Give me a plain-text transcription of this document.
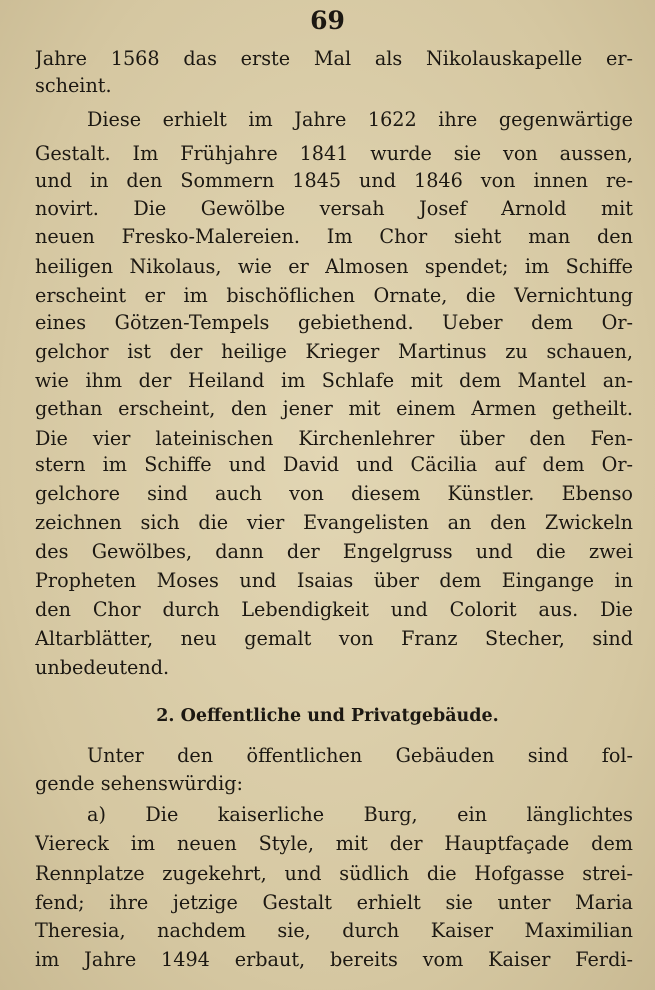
69
Jahre 1568 das erste Mal als Nikolauskapelle er-
scheint.
Diese erhielt im Jahre 1622 ihre gegenwärtige
Gestalt. Im Frühjahre 1841 wurde sie von aussen,
und in den Sommern 1845 und 1846 von innen re-
novirt. Die Gewölbe versah Josef Arnold mit
neuen Fresko-Malereien. Im Chor sieht man den
heiligen Nikolaus, wie er Almosen spendet; im Schiffe
erscheint er im bischöflichen Ornate, die Vernichtung
eines Götzen-Tempels gebiethend. Ueber dem Or-
gelchor ist der heilige Krieger Martinus zu schauen,
wie ihm der Heiland im Schlafe mit dem Mantel an-
gethan erscheint, den jener mit einem Armen getheilt.
Die vier lateinischen Kirchenlehrer über den Fen-
stern im Schiffe und David und Cäcilia auf dem Or-
gelchore sind auch von diesem Künstler. Ebenso
zeichnen sich die vier Evangelisten an den Zwickeln
des Gewölbes, dann der Engelgruss und die zwei
Propheten Moses und Isaias über dem Eingange in
den Chor durch Lebendigkeit und Colorit aus. Die
Altarblätter, neu gemalt von Franz Stecher, sind
unbedeutend.
2. Oeffentliche und Privatgebäude.
Unter den öffentlichen Gebäuden sind fol-
gende sehenswürdig:
a) Die kaiserliche Burg, ein länglichtes
Viereck im neuen Style, mit der Hauptfaçade dem
Rennplatze zugekehrt, und südlich die Hofgasse strei-
fend; ihre jetzige Gestalt erhielt sie unter Maria
Theresia, nachdem sie, durch Kaiser Maximilian
im Jahre 1494 erbaut, bereits vom Kaiser Ferdi-
